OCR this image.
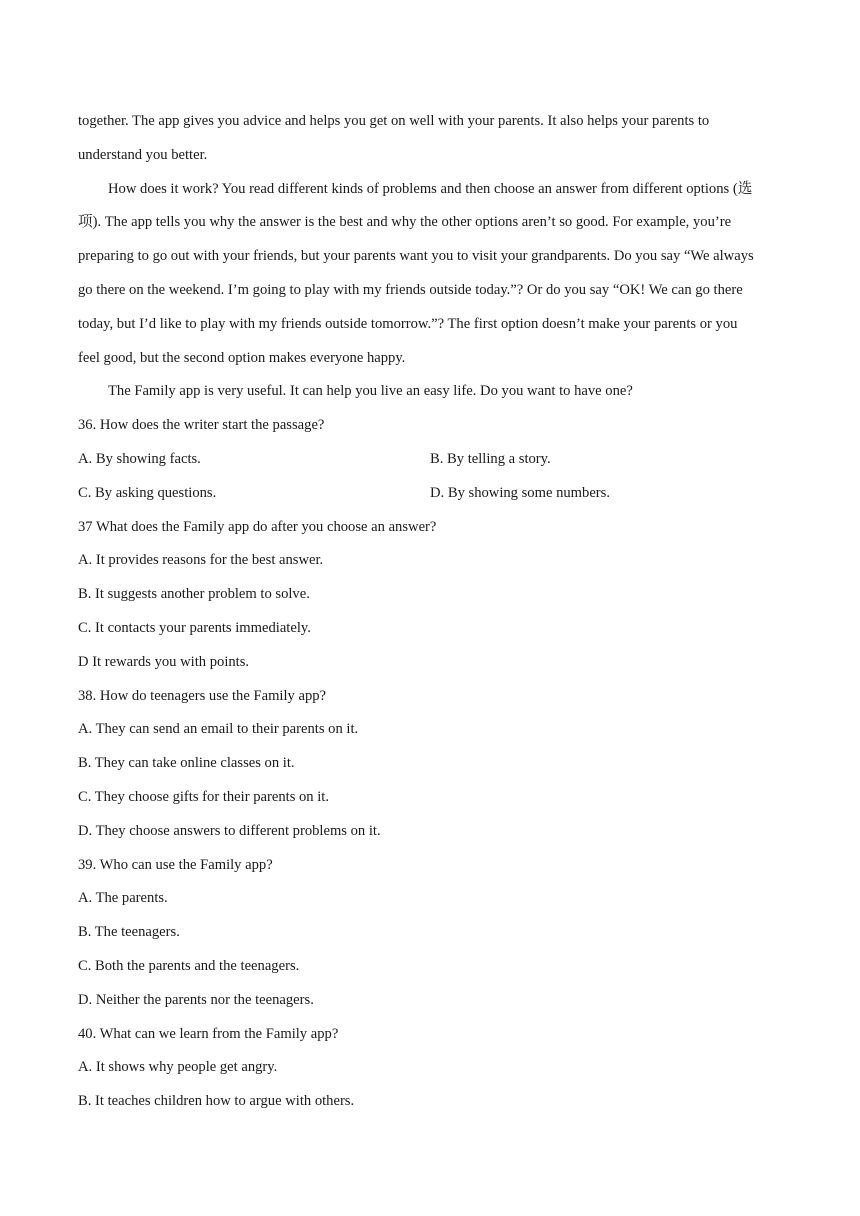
together. The app gives you advice and helps you get on well with your parents. It also helps your parents to
understand you better.
How does it work? You read different kinds of problems and then choose an answer from different options (选
项). The app tells you why the answer is the best and why the other options aren’t so good. For example, you’re
preparing to go out with your friends, but your parents want you to visit your grandparents. Do you say “We always
go there on the weekend. I’m going to play with my friends outside today.”? Or do you say “OK! We can go there
today, but I’d like to play with my friends outside tomorrow.”? The first option doesn’t make your parents or you
feel good, but the second option makes everyone happy.
The Family app is very useful. It can help you live an easy life. Do you want to have one?
36. How does the writer start the passage?
A. By showing facts.	B. By telling a story.
C. By asking questions.	D. By showing some numbers.
37 What does the Family app do after you choose an answer?
A. It provides reasons for the best answer.
B. It suggests another problem to solve.
C. It contacts your parents immediately.
D It rewards you with points.
38. How do teenagers use the Family app?
A. They can send an email to their parents on it.
B. They can take online classes on it.
C. They choose gifts for their parents on it.
D. They choose answers to different problems on it.
39. Who can use the Family app?
A. The parents.
B. The teenagers.
C. Both the parents and the teenagers.
D. Neither the parents nor the teenagers.
40. What can we learn from the Family app?
A. It shows why people get angry.
B. It teaches children how to argue with others.
